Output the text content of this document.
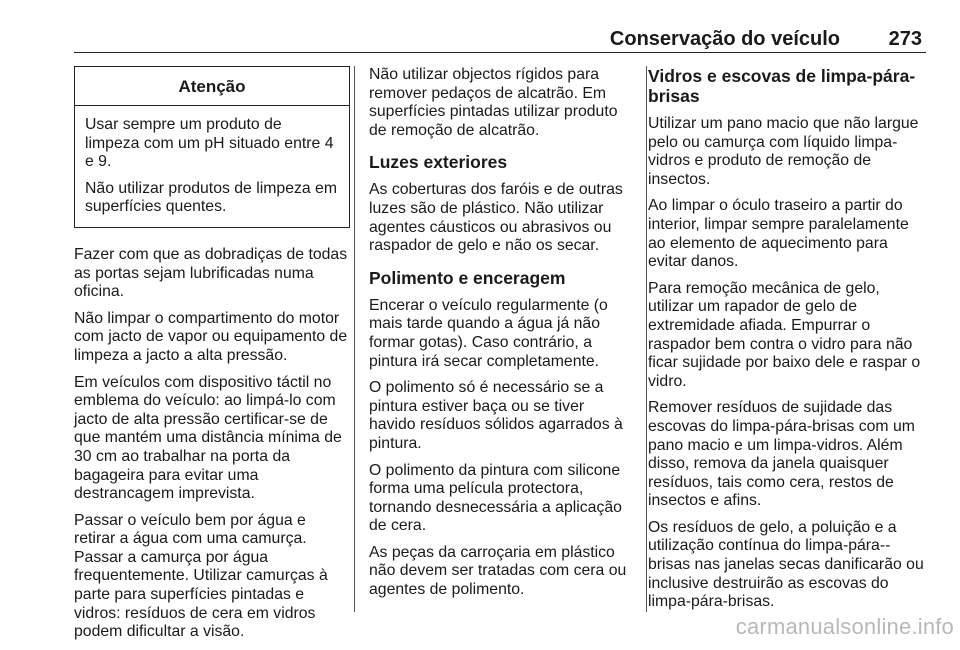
Conservação do veículo 273
Atenção

Usar sempre um produto de limpeza com um pH situado entre 4 e 9.

Não utilizar produtos de limpeza em superfícies quentes.

Fazer com que as dobradiças de todas as portas sejam lubrificadas numa oficina.

Não limpar o compartimento do motor com jacto de vapor ou equipamento de limpeza a jacto a alta pressão.

Em veículos com dispositivo táctil no emblema do veículo: ao limpá-lo com jacto de alta pressão certificar-se de que mantém uma distância mínima de 30 cm ao trabalhar na porta da bagageira para evitar uma destrancagem imprevista.

Passar o veículo bem por água e retirar a água com uma camurça. Passar a camurça por água frequentemente. Utilizar camurças à parte para superfícies pintadas e vidros: resíduos de cera em vidros podem dificultar a visão.

Não utilizar objectos rígidos para remover pedaços de alcatrão. Em superfícies pintadas utilizar produto de remoção de alcatrão.

Luzes exteriores

As coberturas dos faróis e de outras luzes são de plástico. Não utilizar agentes cáusticos ou abrasivos ou raspador de gelo e não os secar.

Polimento e enceragem

Encerar o veículo regularmente (o mais tarde quando a água já não formar gotas). Caso contrário, a pintura irá secar completamente.

O polimento só é necessário se a pintura estiver baça ou se tiver havido resíduos sólidos agarrados à pintura.

O polimento da pintura com silicone forma uma película protectora, tornando desnecessária a aplicação de cera.

As peças da carroçaria em plástico não devem ser tratadas com cera ou agentes de polimento.

Vidros e escovas de limpa-pára-brisas

Utilizar um pano macio que não largue pelo ou camurça com líquido limpa-vidros e produto de remoção de insectos.

Ao limpar o óculo traseiro a partir do interior, limpar sempre paralelamente ao elemento de aquecimento para evitar danos.

Para remoção mecânica de gelo, utilizar um rapador de gelo de extremidade afiada. Empurrar o raspador bem contra o vidro para não ficar sujidade por baixo dele e raspar o vidro.

Remover resíduos de sujidade das escovas do limpa-pára-brisas com um pano macio e um limpa-vidros. Além disso, remova da janela quaisquer resíduos, tais como cera, restos de insectos e afins.

Os resíduos de gelo, a poluição e a utilização contínua do limpa-pára--brisas nas janelas secas danificarão ou inclusive destruirão as escovas do limpa-pára-brisas.

carmanualsonline.info
